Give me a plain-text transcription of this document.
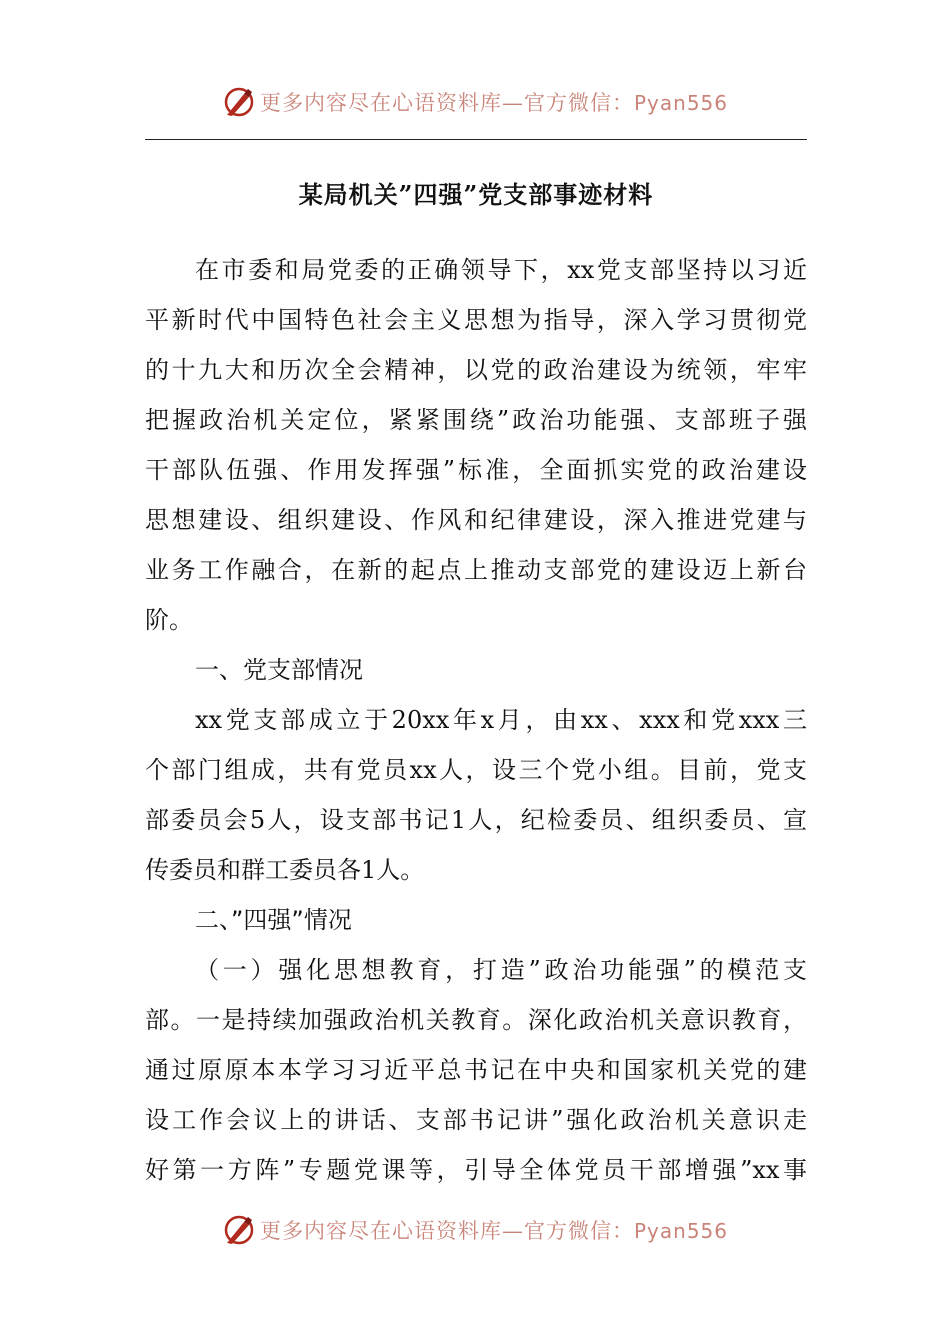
更多内容尽在心语资料库—官方微信：Pyan556
某局机关”四强”党支部事迹材料

在市委和局党委的正确领导下，xx党支部坚持以习近

平新时代中国特色社会主义思想为指导，深入学习贯彻党

的十九大和历次全会精神，以党的政治建设为统领，牢牢

把握政治机关定位，紧紧围绕”政治功能强、支部班子强

干部队伍强、作用发挥强”标准，全面抓实党的政治建设

思想建设、组织建设、作风和纪律建设，深入推进党建与

业务工作融合，在新的起点上推动支部党的建设迈上新台

阶。

一、党支部情况

xx党支部成立于20xx年x月，由xx、xxx和党xxx三

个部门组成，共有党员xx人，设三个党小组。目前，党支

部委员会5人，设支部书记1人，纪检委员、组织委员、宣

传委员和群工委员各1人。

二、”四强”情况

（一）强化思想教育，打造”政治功能强”的模范支

部。一是持续加强政治机关教育。深化政治机关意识教育，

通过原原本本学习习近平总书记在中央和国家机关党的建

设工作会议上的讲话、支部书记讲”强化政治机关意识走

好第一方阵”专题党课等，引导全体党员干部增强”xx事

更多内容尽在心语资料库—官方微信：Pyan556
